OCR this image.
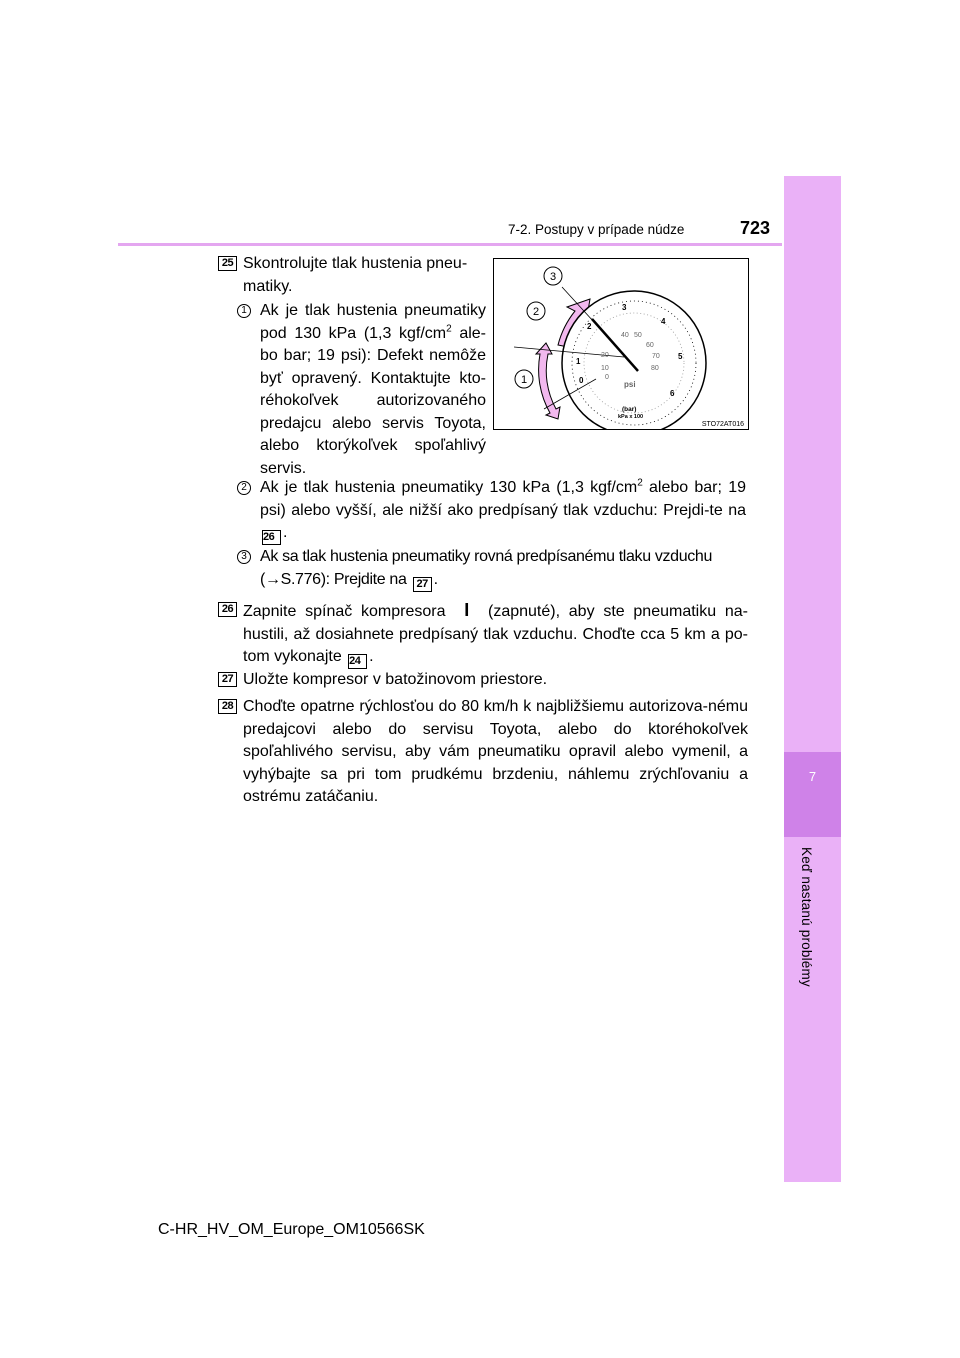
7-2. Postupy v prípade núdze	723
7
Keď nastanú problémy
25 Skontrolujte tlak hustenia pneu-matiky.
1 Ak je tlak hustenia pneumatiky pod 130 kPa (1,3 kgf/$cm^2$ ale-bo bar; 19 psi): Defekt nemôže byť opravený. Kontaktujte kto-réhokoľvek autorizovaného predajcu alebo servis Toyota, alebo ktorýkoľvek spoľahlivý servis.
2 Ak je tlak hustenia pneumatiky 130 kPa (1,3 kgf/$cm^2$ alebo bar; 19 psi) alebo vyšší, ale nižší ako predpísaný tlak vzduchu: Prejdi-te na 26 .
3 Ak sa tlak hustenia pneumatiky rovná predpísanému tlaku vzduchu (→S.776): Prejdite na 27 .
26 Zapnite spínač kompresora I (zapnuté), aby ste pneumatiku na-hustili, až dosiahnete predpísaný tlak vzduchu. Choďte cca 5 km a po-tom vykonajte 24 .
27 Uložte kompresor v batožinovom priestore.
28 Choďte opatrne rýchlosťou do 80 km/h k najbližšiemu autorizova-nému predajcovi alebo do servisu Toyota, alebo do ktoréhokoľvek spoľahlivého servisu, aby vám pneumatiku opravil alebo vymenil, a vyhýbajte sa pri tom prudkému brzdeniu, náhlemu zrýchľovaniu a ostrému zatáčaniu.
0
1
2
3
4
5
6
0
10
20
40 50
60
70
80
psi
(bar)
kPa x 100
3
2
1
STO72AT016
C-HR_HV_OM_Europe_OM10566SK
